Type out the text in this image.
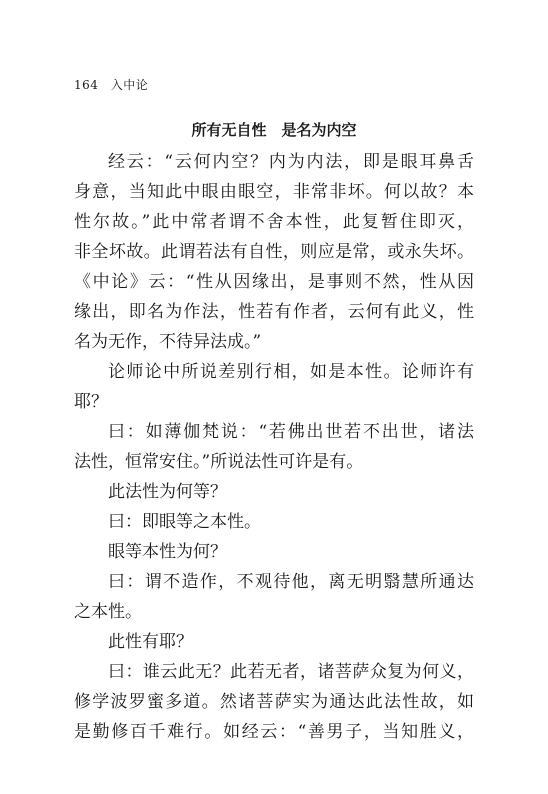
164 入中论
所有无自性　是名为内空
经云：“云何内空？内为内法，即是眼耳鼻舌
身意，当知此中眼由眼空，非常非坏。何以故？本
性尔故。”此中常者谓不舍本性，此复暂住即灭，
非全坏故。此谓若法有自性，则应是常，或永失坏。
《中论》云：“性从因缘出，是事则不然，性从因
缘出，即名为作法，性若有作者，云何有此义，性
名为无作，不待异法成。”
论师论中所说差别行相，如是本性。论师许有
耶？
曰：如薄伽梵说：“若佛出世若不出世，诸法
法性，恒常安住。”所说法性可许是有。
此法性为何等？
曰：即眼等之本性。
眼等本性为何？
曰：谓不造作，不观待他，离无明翳慧所通达
之本性。
此性有耶？
曰：谁云此无？此若无者，诸菩萨众复为何义，
修学波罗蜜多道。然诸菩萨实为通达此法性故，如
是勤修百千难行。如经云：“善男子，当知胜义，
